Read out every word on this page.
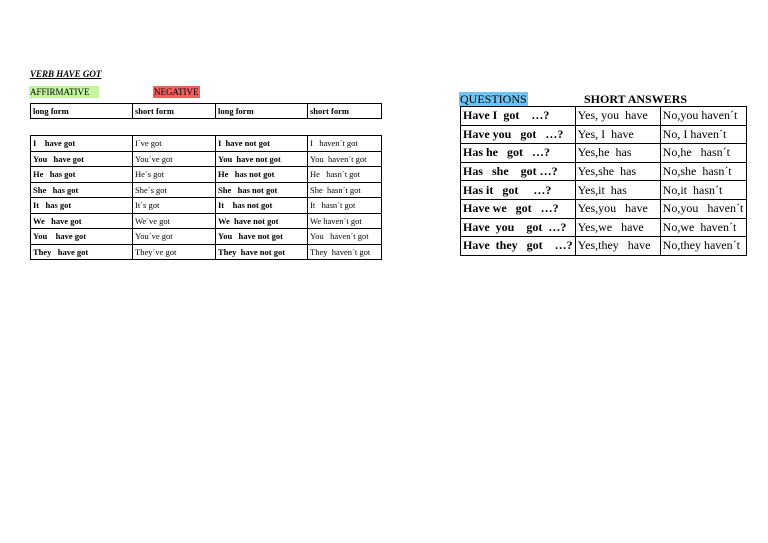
VERB HAVE GOT
AFFIRMATIVE	NEGATIVE
long form	short form	long form	short form
I    have got	I´ve got	I  have not got	I   haven´t got
You   have got	You´ve got	You  have not got	You  haven´t got
He   has got	He´s got	He   has not got	He   hasn´t got
She   has got	She´s got	She   has not got	She  hasn´t got
It   has got	It´s got	It    has not got	It   hasn´t got
We   have got	We´ve got	We  have not got	We haven´t got
You    have got	You´ve got	You   have not got	You   haven´t got
They   have got	They´ve got	They  have not got	They  haven´t got
QUESTIONS	SHORT ANSWERS
Have I  got    …?	Yes, you  have	No,you haven´t
Have you   got   …?	Yes, I  have	No, I haven´t
Has he   got   …?	Yes,he  has	No,he   hasn´t
Has   she    got …?	Yes,she  has	No,she  hasn´t
Has it   got     …?	Yes,it  has	No,it  hasn´t
Have we   got   …?	Yes,you   have	No,you   haven´t
Have  you    got  …?	Yes,we   have	No,we  haven´t
Have  they   got    …?	Yes,they   have	No,they haven´t
